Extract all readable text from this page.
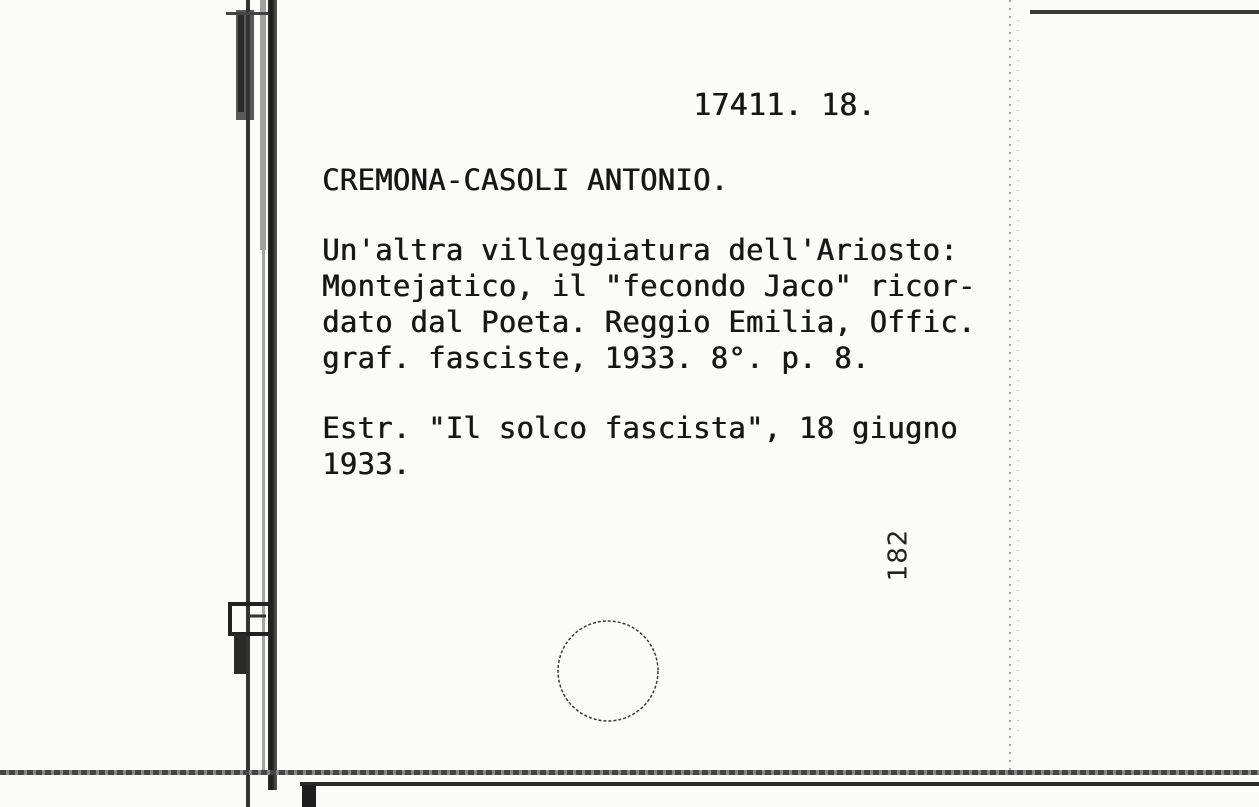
17411. 18.

CREMONA-CASOLI ANTONIO.

Un'altra villeggiatura dell'Ariosto:

Montejatico, il "fecondo Jaco" ricor-

dato dal Poeta. Reggio Emilia, Offic.

graf. fasciste, 1933. 8°. p. 8.

Estr. "Il solco fascista", 18 giugno

1933.

182
